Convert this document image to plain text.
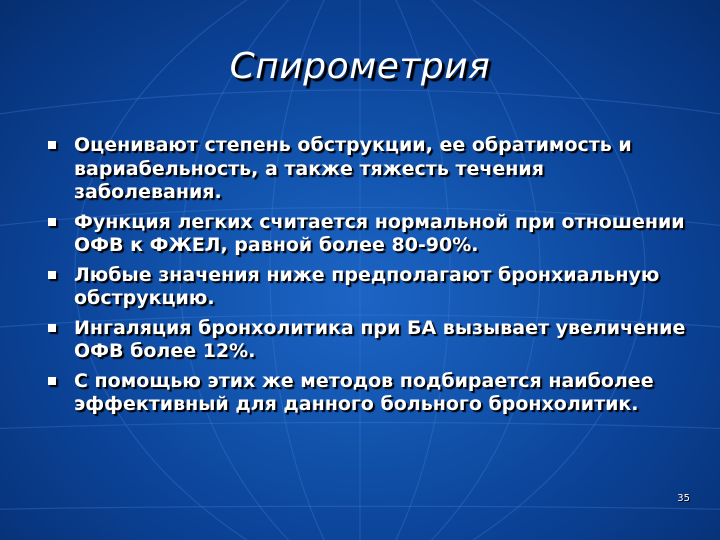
Спирометрия
Оценивают степень обструкции, ее обратимость и вариабельность, а также тяжесть течения заболевания.
Функция легких считается нормальной при отношении ОФВ к ФЖЕЛ, равной более 80-90%.
Любые значения ниже предполагают бронхиальную обструкцию.
Ингаляция бронхолитика при БА вызывает увеличение ОФВ более 12%.
С помощью этих же методов подбирается наиболее эффективный для данного больного бронхолитик.
35
